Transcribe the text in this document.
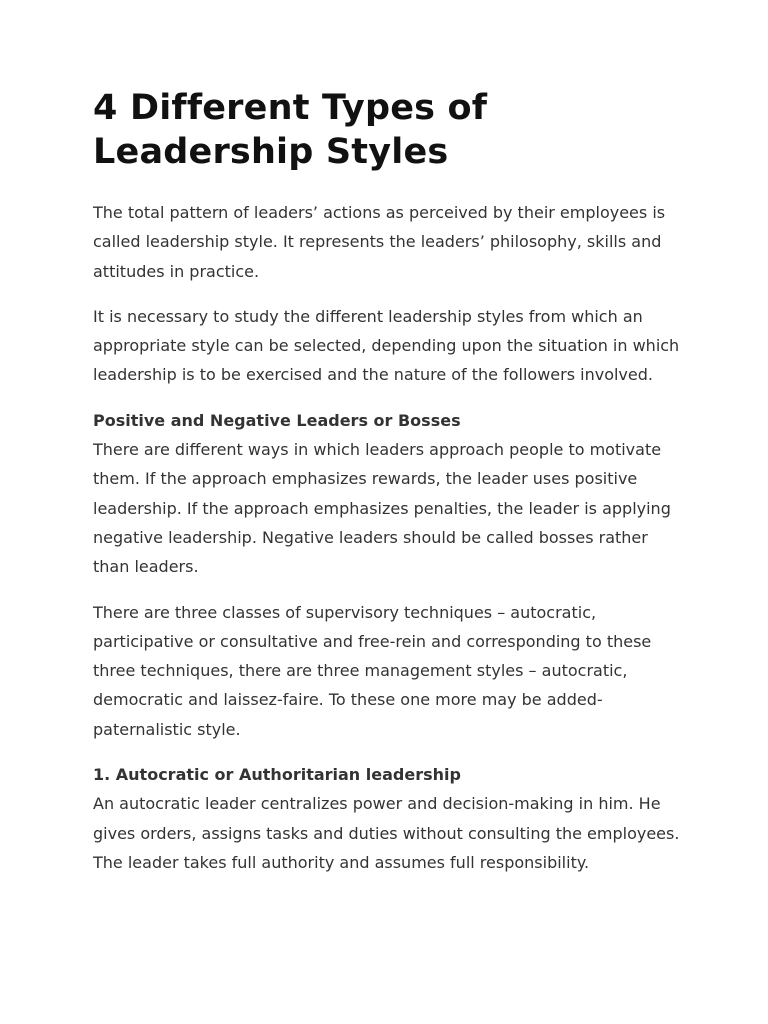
4 Different Types of Leadership Styles

The total pattern of leaders’ actions as perceived by their employees is called leadership style. It represents the leaders’ philosophy, skills and attitudes in practice.

It is necessary to study the different leadership styles from which an appropriate style can be selected, depending upon the situation in which leadership is to be exercised and the nature of the followers involved.

Positive and Negative Leaders or Bosses

There are different ways in which leaders approach people to motivate them. If the approach emphasizes rewards, the leader uses positive leadership. If the approach emphasizes penalties, the leader is applying negative leadership. Negative leaders should be called bosses rather than leaders.

There are three classes of supervisory techniques – autocratic, participative or consultative and free-rein and corresponding to these three techniques, there are three management styles – autocratic, democratic and laissez-faire. To these one more may be added-paternalistic style.

1. Autocratic or Authoritarian leadership

An autocratic leader centralizes power and decision-making in him. He gives orders, assigns tasks and duties without consulting the employees. The leader takes full authority and assumes full responsibility.
